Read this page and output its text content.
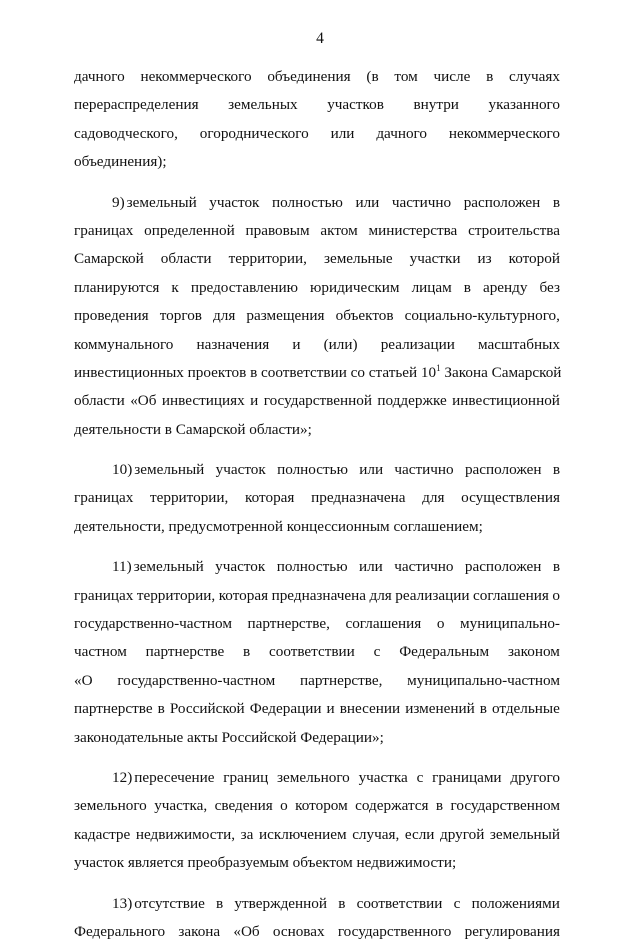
4
дачного некоммерческого объединения (в том числе в случаях
перераспределения земельных участков внутри указанного
садоводческого, огороднического или дачного некоммерческого
объединения);
9) земельный участок полностью или частично расположен в
границах определенной правовым актом министерства строительства
Самарской области территории, земельные участки из которой
планируются к предоставлению юридическим лицам в аренду без
проведения торгов для размещения объектов социально-культурного,
коммунального назначения и (или) реализации масштабных
инвестиционных проектов в соответствии со статьей $10^1$ Закона Самарской
области «Об инвестициях и государственной поддержке инвестиционной
деятельности в Самарской области»;
10) земельный участок полностью или частично расположен в
границах территории, которая предназначена для осуществления
деятельности, предусмотренной концессионным соглашением;
11) земельный участок полностью или частично расположен в
границах территории, которая предназначена для реализации соглашения о
государственно-частном партнерстве, соглашения о муниципально-
частном партнерстве в соответствии с Федеральным законом
«О государственно-частном партнерстве, муниципально-частном
партнерстве в Российской Федерации и внесении изменений в отдельные
законодательные акты Российской Федерации»;
12) пересечение границ земельного участка с границами другого
земельного участка, сведения о котором содержатся в государственном
кадастре недвижимости, за исключением случая, если другой земельный
участок является преобразуемым объектом недвижимости;
13) отсутствие в утвержденной в соответствии с положениями
Федерального закона «Об основах государственного регулирования
